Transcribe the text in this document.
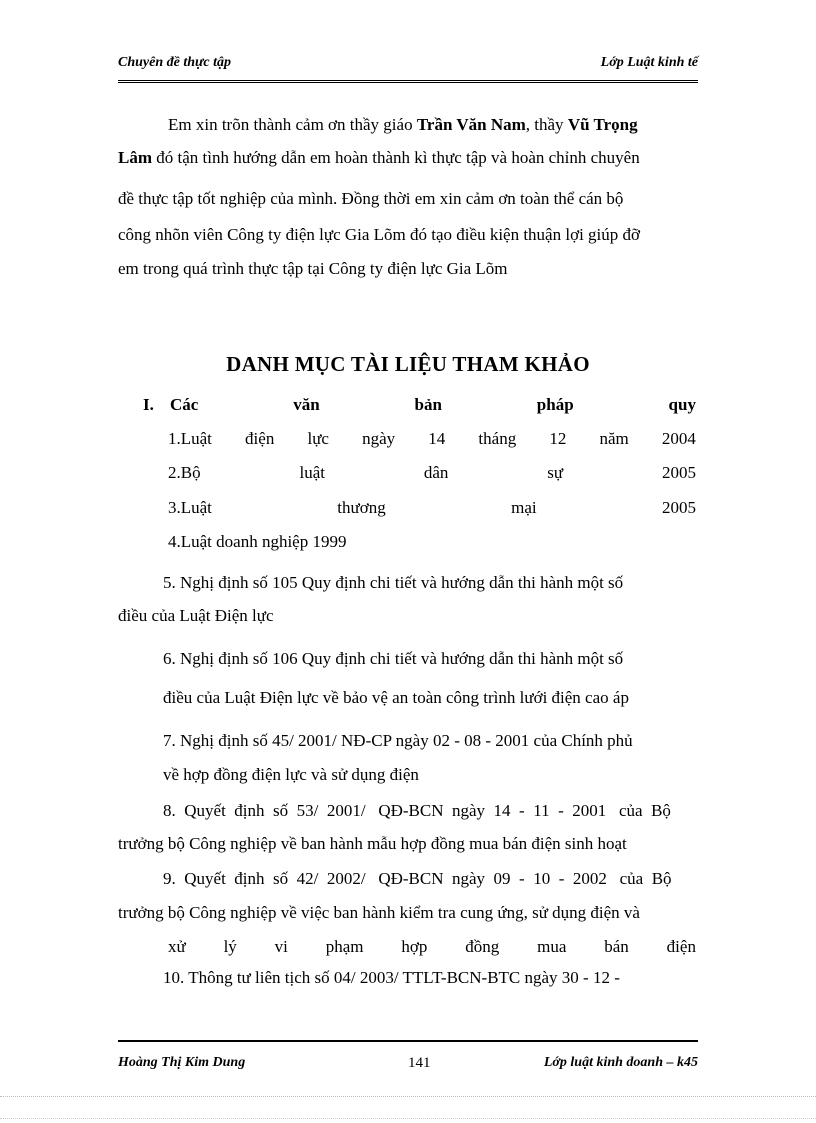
Chuyên đề thực tập	Lớp Luật kinh tế
Em xin trõn thành cảm ơn thầy giáo Trần Văn Nam, thầy Vũ Trọng
Lâm đó tận tình hướng dẫn em hoàn thành kì thực tập và hoàn chỉnh chuyên
đề thực tập tốt nghiệp của mình. Đồng thời em xin cảm ơn toàn thể cán bộ
công nhõn viên Công ty điện lực Gia Lõm đó tạo điều kiện thuận lợi giúp đỡ
em trong quá trình thực tập tại Công ty điện lực Gia Lõm
DANH MỤC TÀI LIỆU THAM KHẢO
I. Các	văn	bản	pháp	quy
1.Luật điện lực ngày 14 tháng 12 năm 2004
2.Bộ	luật	dân	sự	2005
3.Luật	thương	mại	2005
4.Luật doanh nghiệp 1999
5. Nghị định số 105 Quy định chi tiết và hướng dẫn thi hành một số
điều của Luật Điện lực
6. Nghị định số 106 Quy định chi tiết và hướng dẫn thi hành một số
điều của Luật Điện lực về bảo vệ an toàn công trình lưới điện cao áp
7. Nghị định số 45/ 2001/ NĐ-CP ngày 02 - 08 - 2001 của Chính phủ
về hợp đồng điện lực và sử dụng điện
8.  Quyết  định  số  53/  2001/   QĐ-BCN  ngày  14  -  11  -  2001   của  Bộ
trưởng bộ Công nghiệp về ban hành mẫu hợp đồng mua bán điện sinh hoạt
9.  Quyết  định  số  42/  2002/   QĐ-BCN  ngày  09  -  10  -  2002   của  Bộ
trưởng bộ Công nghiệp về việc ban hành kiểm tra cung ứng, sử dụng điện và
xử lý vi phạm hợp đồng mua bán điện
10. Thông tư liên tịch số 04/ 2003/ TTLT-BCN-BTC ngày 30 - 12 -
Hoàng Thị Kim Dung	141	Lớp luật kinh doanh – k45
